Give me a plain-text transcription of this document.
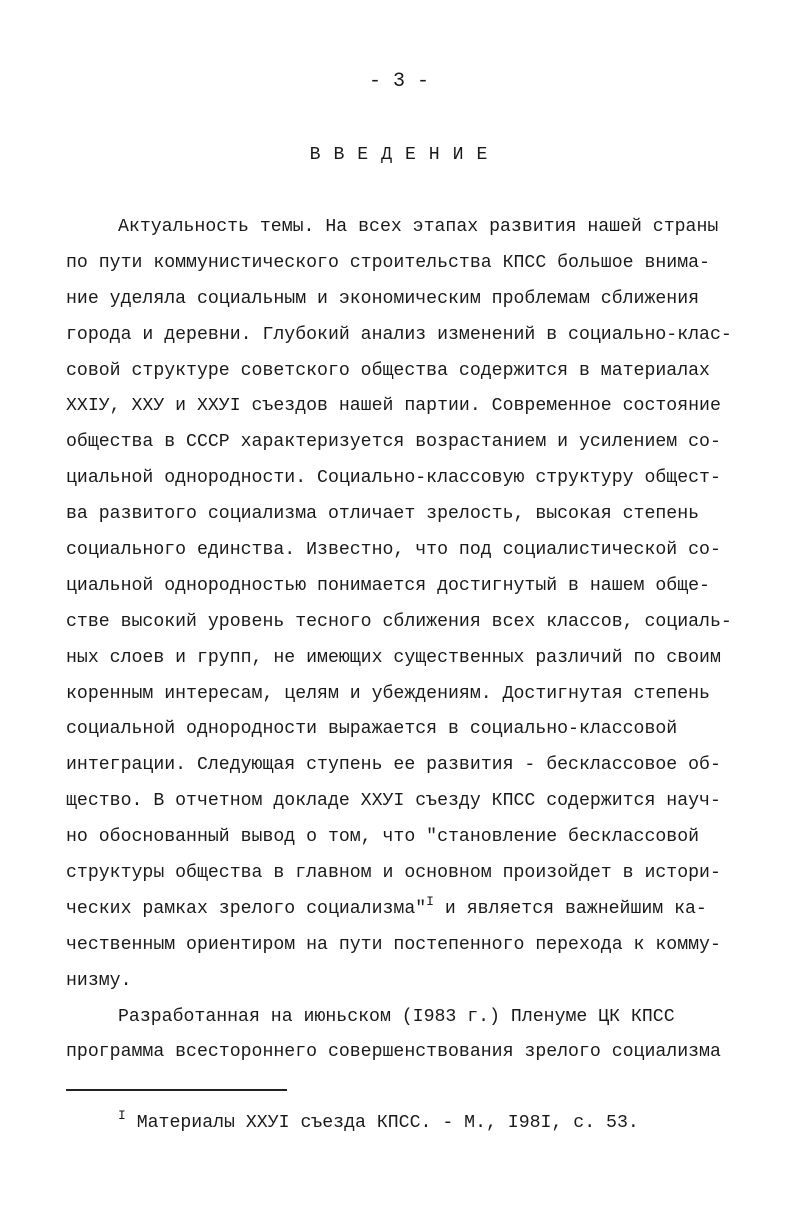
- 3 -
В В Е Д Е Н И Е
Актуальность темы. На всех этапах развития нашей страны
по пути коммунистического строительства КПСС большое внима-
ние уделяла социальным и экономическим проблемам сближения
города и деревни. Глубокий анализ изменений в социально-клас-
совой структуре советского общества содержится в материалах
ХХIУ, ХХУ и ХХУI съездов нашей партии. Современное состояние
общества в СССР характеризуется возрастанием и усилением со-
циальной однородности. Социально-классовую структуру общест-
ва развитого социализма отличает зрелость, высокая степень
социального единства. Известно, что под социалистической со-
циальной однородностью понимается достигнутый в нашем обще-
стве высокий уровень тесного сближения всех классов, социаль-
ных слоев и групп, не имеющих существенных различий по своим
коренным интересам, целям и убеждениям. Достигнутая степень
социальной однородности выражается в социально-классовой
интеграции. Следующая ступень ее развития - бесклассовое об-
щество. В отчетном докладе ХХУI съезду КПСС содержится науч-
но обоснованный вывод о том, что "становление бесклассовой
структуры общества в главном и основном произойдет в истори-
ческих рамках зрелого социализма"$^I$ и является важнейшим ка-
чественным ориентиром на пути постепенного перехода к комму-
низму.
Разработанная на июньском (I983 г.) Пленуме ЦК КПСС
программа всестороннего совершенствования зрелого социализма
$^I$ Материалы ХХУI съезда КПСС. - М., I98I, с. 53.
